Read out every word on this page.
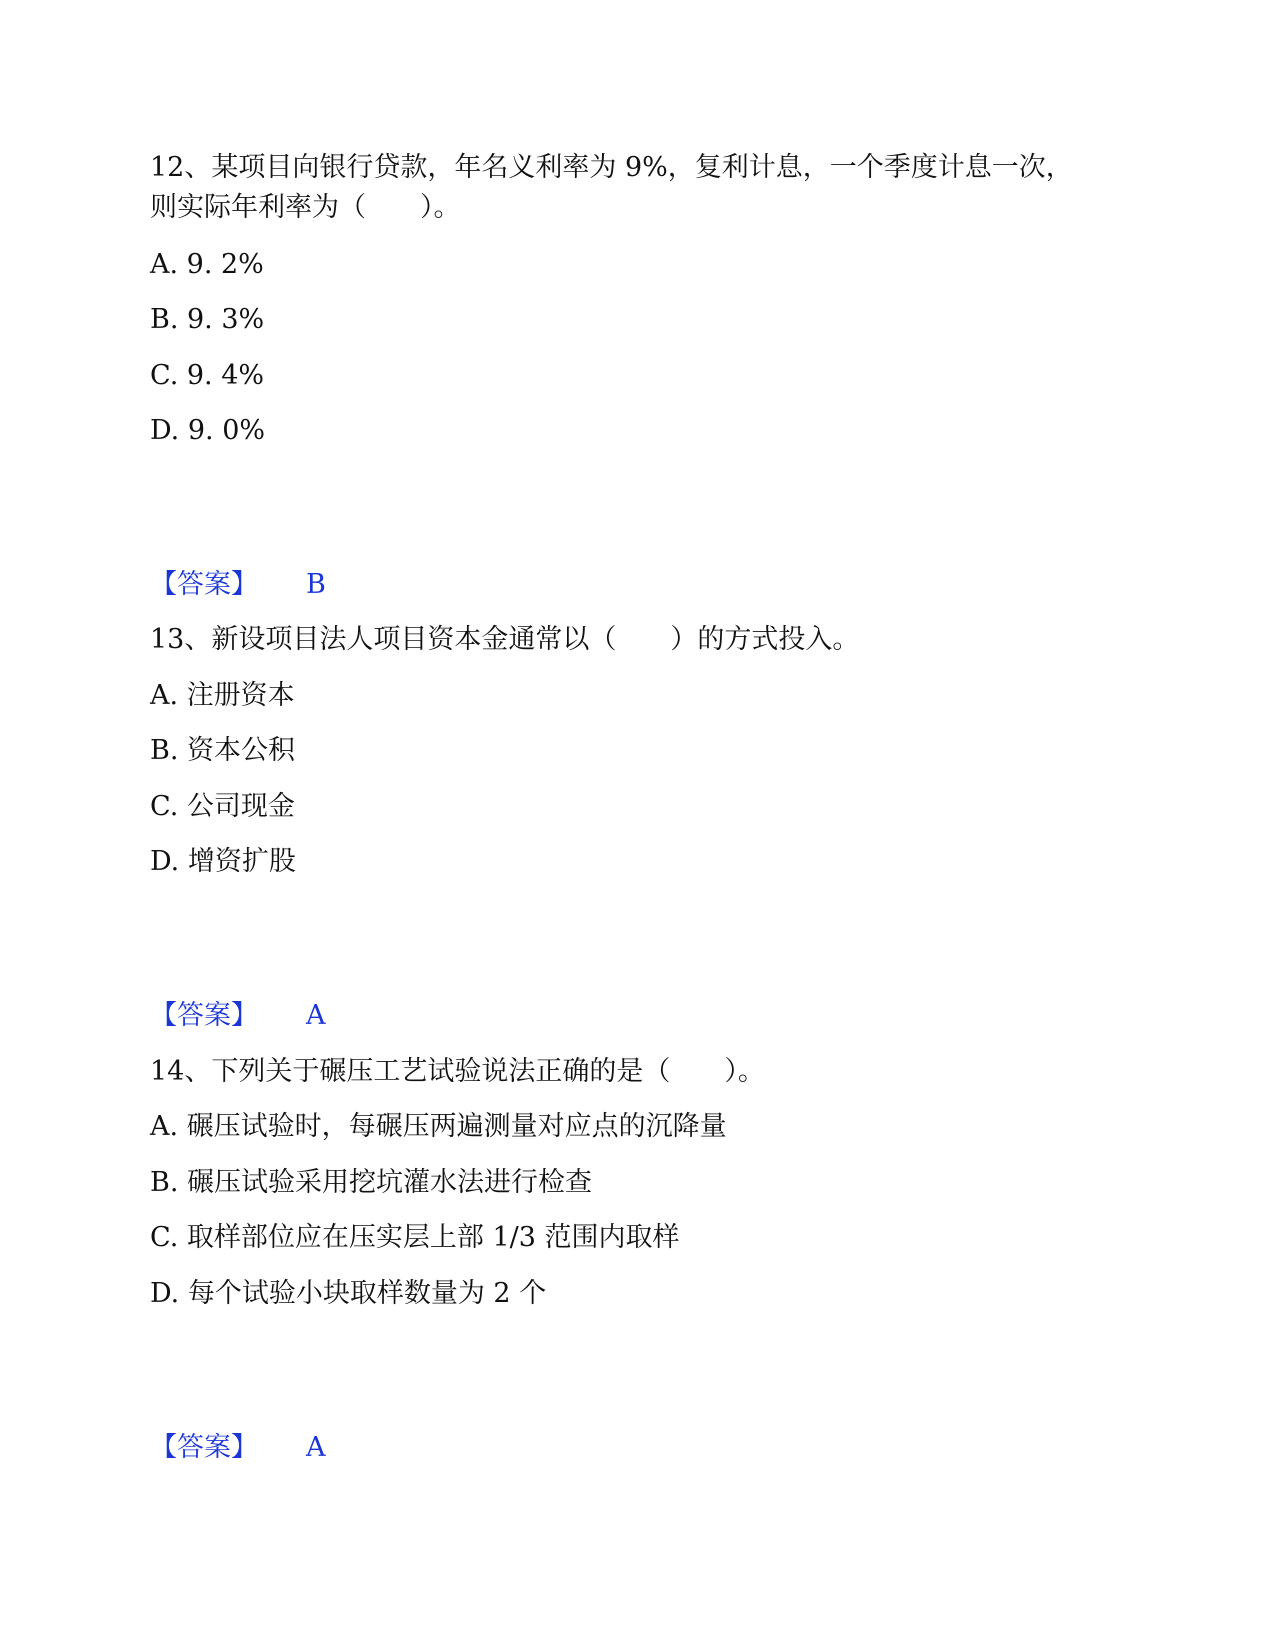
12、某项目向银行贷款，年名义利率为 9%，复利计息，一个季度计息一次，
则实际年利率为（　　）。
A. 9. 2%
B. 9. 3%
C. 9. 4%
D. 9. 0%
【答案】 B
13、新设项目法人项目资本金通常以（　　）的方式投入。
A. 注册资本
B. 资本公积
C. 公司现金
D. 增资扩股
【答案】 A
14、下列关于碾压工艺试验说法正确的是（　　）。
A. 碾压试验时，每碾压两遍测量对应点的沉降量
B. 碾压试验采用挖坑灌水法进行检查
C. 取样部位应在压实层上部 1/3 范围内取样
D. 每个试验小块取样数量为 2 个
【答案】 A
